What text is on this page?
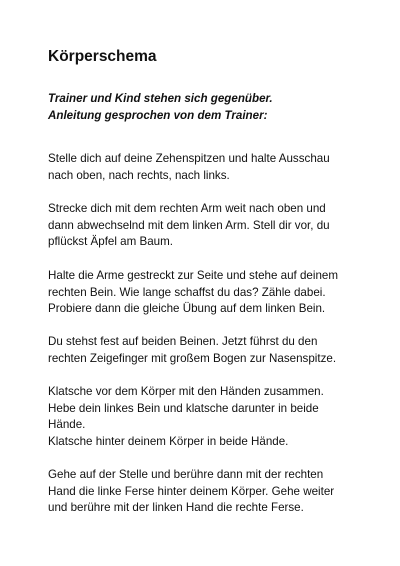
Körperschema
Trainer und Kind stehen sich gegenüber.
Anleitung gesprochen von dem Trainer:
Stelle dich auf deine Zehenspitzen und halte Ausschau
nach oben, nach rechts, nach links.
Strecke dich mit dem rechten Arm weit nach oben und
dann abwechselnd mit dem linken Arm. Stell dir vor, du
pflückst Äpfel am Baum.
Halte die Arme gestreckt zur Seite und stehe auf deinem
rechten Bein. Wie lange schaffst du das? Zähle dabei.
Probiere dann die gleiche Übung auf dem linken Bein.
Du stehst fest auf beiden Beinen. Jetzt führst du den
rechten Zeigefinger mit großem Bogen zur Nasenspitze.
Klatsche vor dem Körper mit den Händen zusammen.
Hebe dein linkes Bein und klatsche darunter in beide
Hände.
Klatsche hinter deinem Körper in beide Hände.
Gehe auf der Stelle und berühre dann mit der rechten
Hand die linke Ferse hinter deinem Körper. Gehe weiter
und berühre mit der linken Hand die rechte Ferse.
